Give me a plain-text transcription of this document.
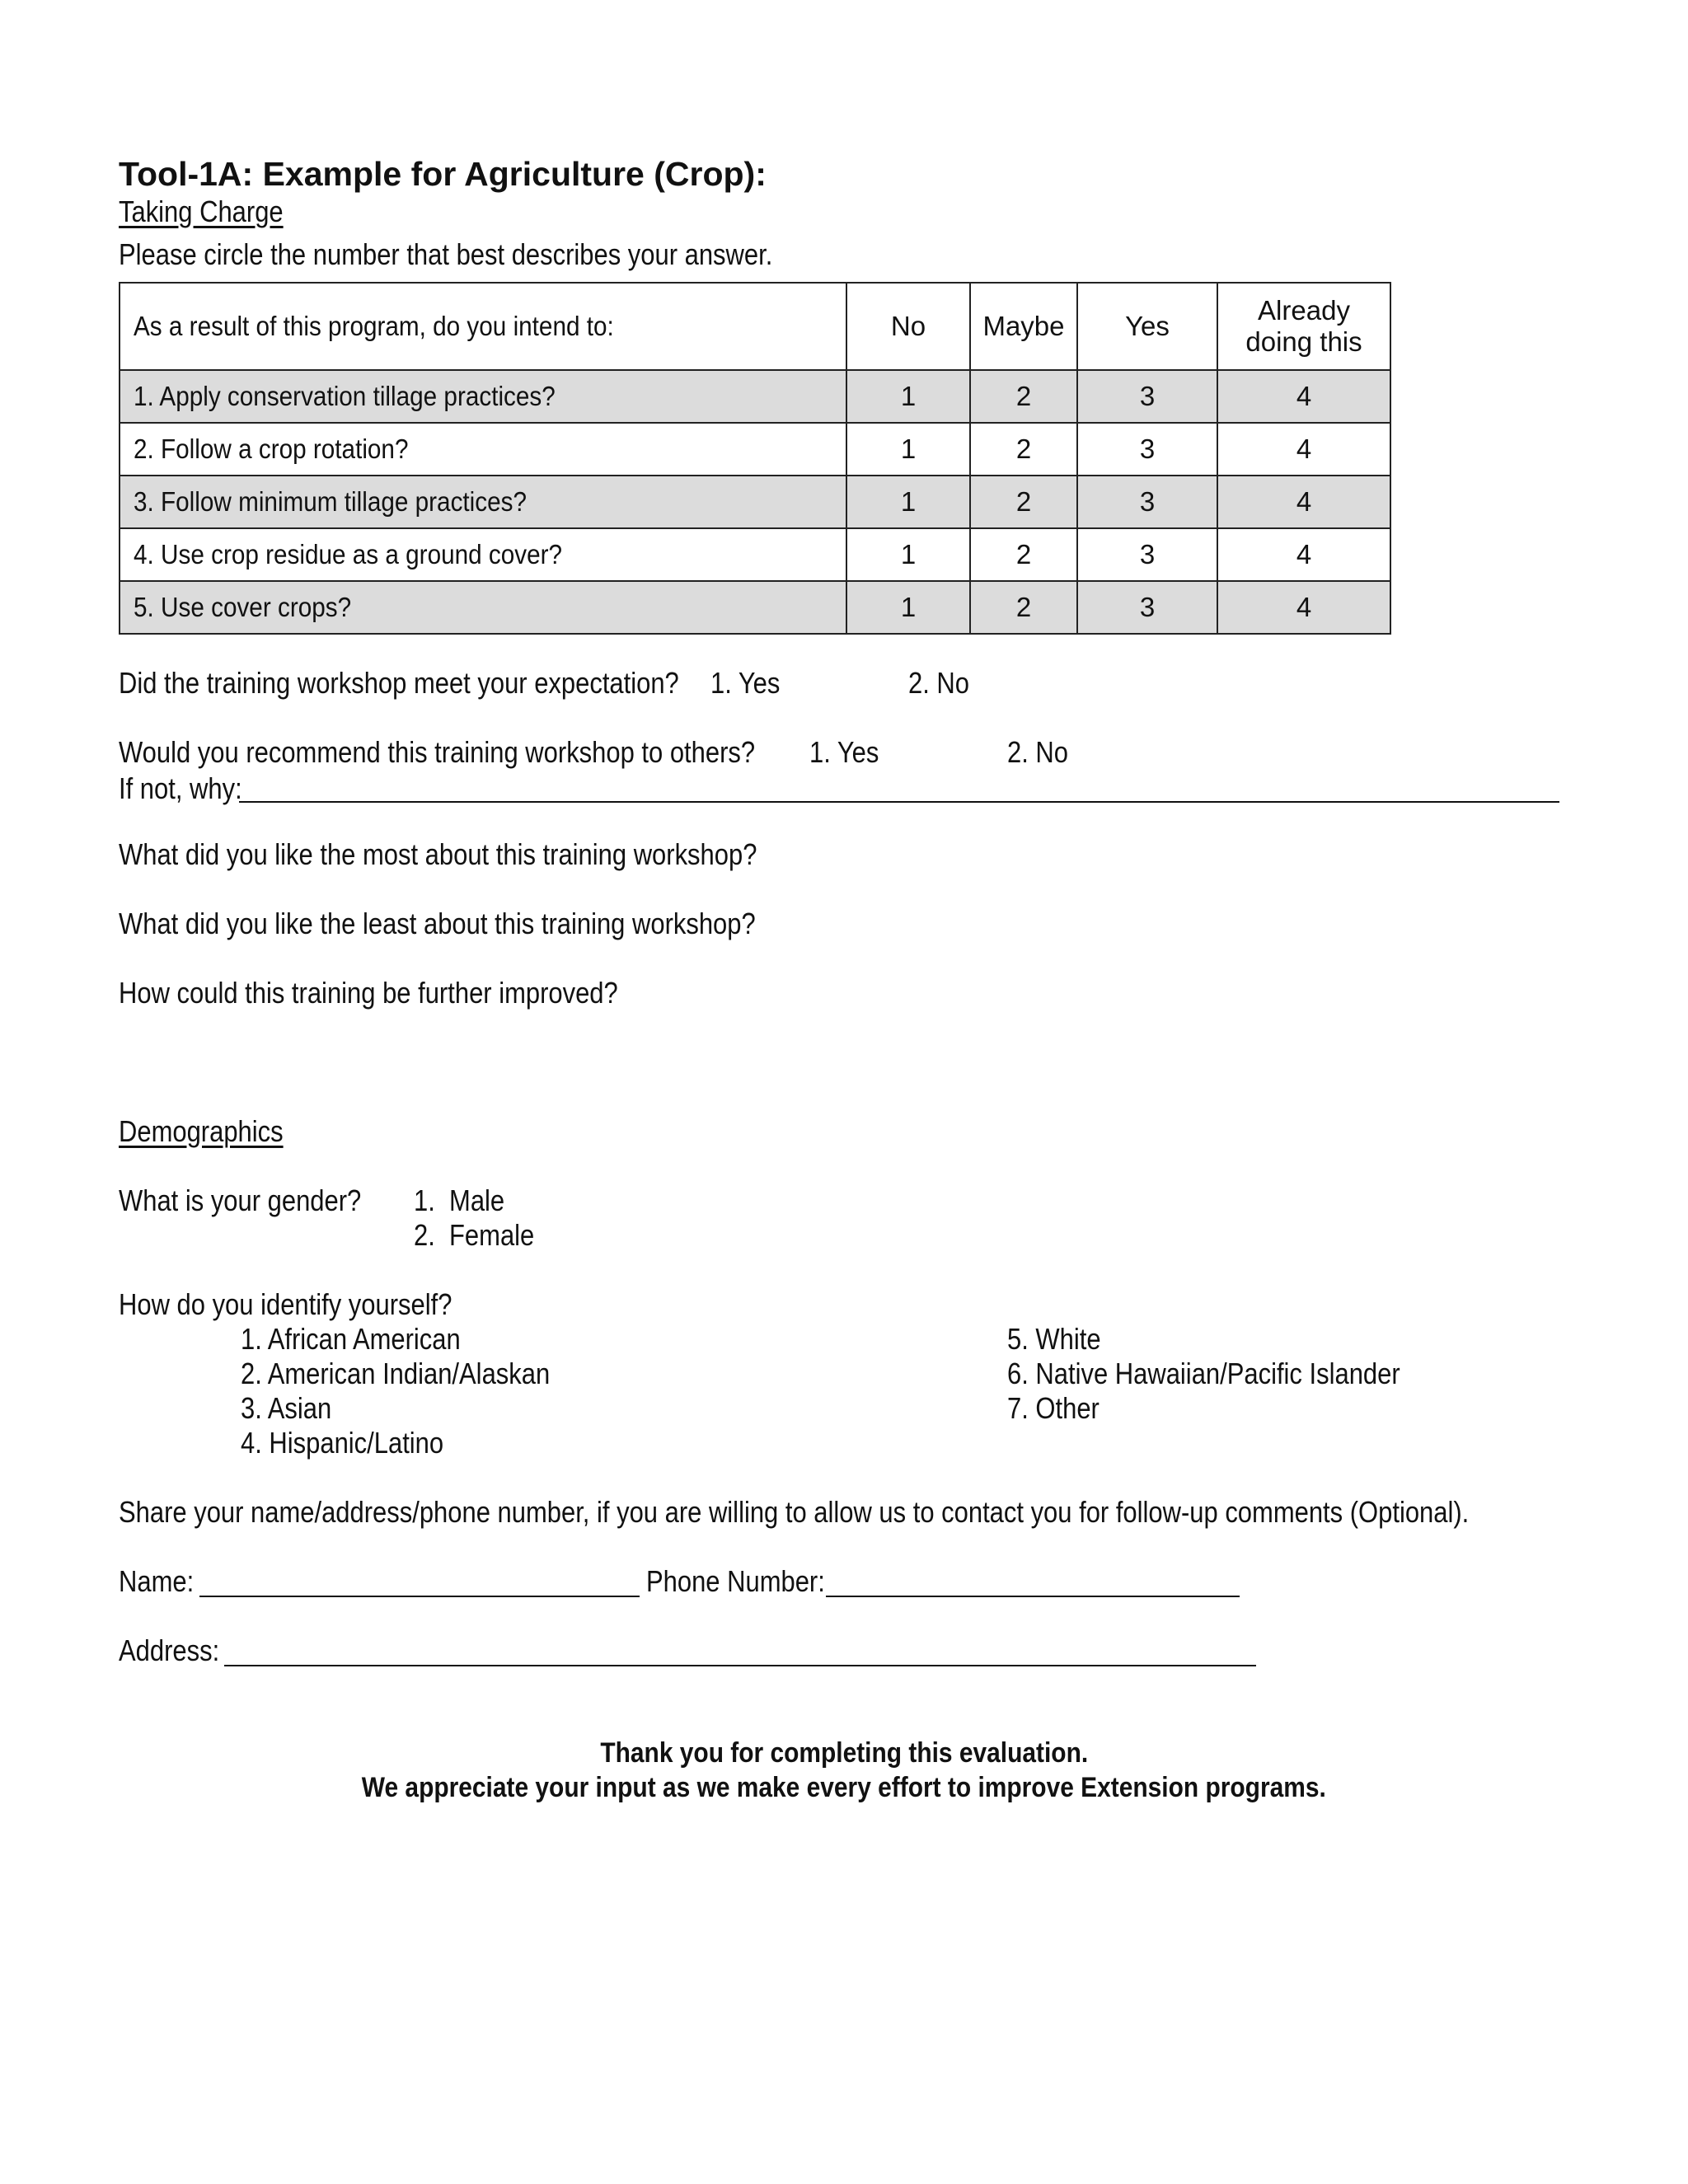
Tool-1A: Example for Agriculture (Crop):
Taking Charge
Please circle the number that best describes your answer.
As a result of this program, do you intend to:	No	Maybe	Yes	Already
doing this

1. Apply conservation tillage practices?	1	2	3	4
2. Follow a crop rotation?	1	2	3	4
3. Follow minimum tillage practices?	1	2	3	4
4. Use crop residue as a ground cover?	1	2	3	4
5. Use cover crops?	1	2	3	4
Did the training workshop meet your expectation? 1. Yes	2. No
Would you recommend this training workshop to others? 1. Yes	2. No
If not, why:
What did you like the most about this training workshop?
What did you like the least about this training workshop?
How could this training be further improved?
Demographics
What is your gender? 1.  Male
2.  Female
How do you identify yourself?
1. African American
2. American Indian/Alaskan
3. Asian
4. Hispanic/Latino
5. White
6. Native Hawaiian/Pacific Islander
7. Other
Share your name/address/phone number, if you are willing to allow us to contact you for follow-up comments (Optional).
Name:	Phone Number:
Address:
Thank you for completing this evaluation.
We appreciate your input as we make every effort to improve Extension programs.
